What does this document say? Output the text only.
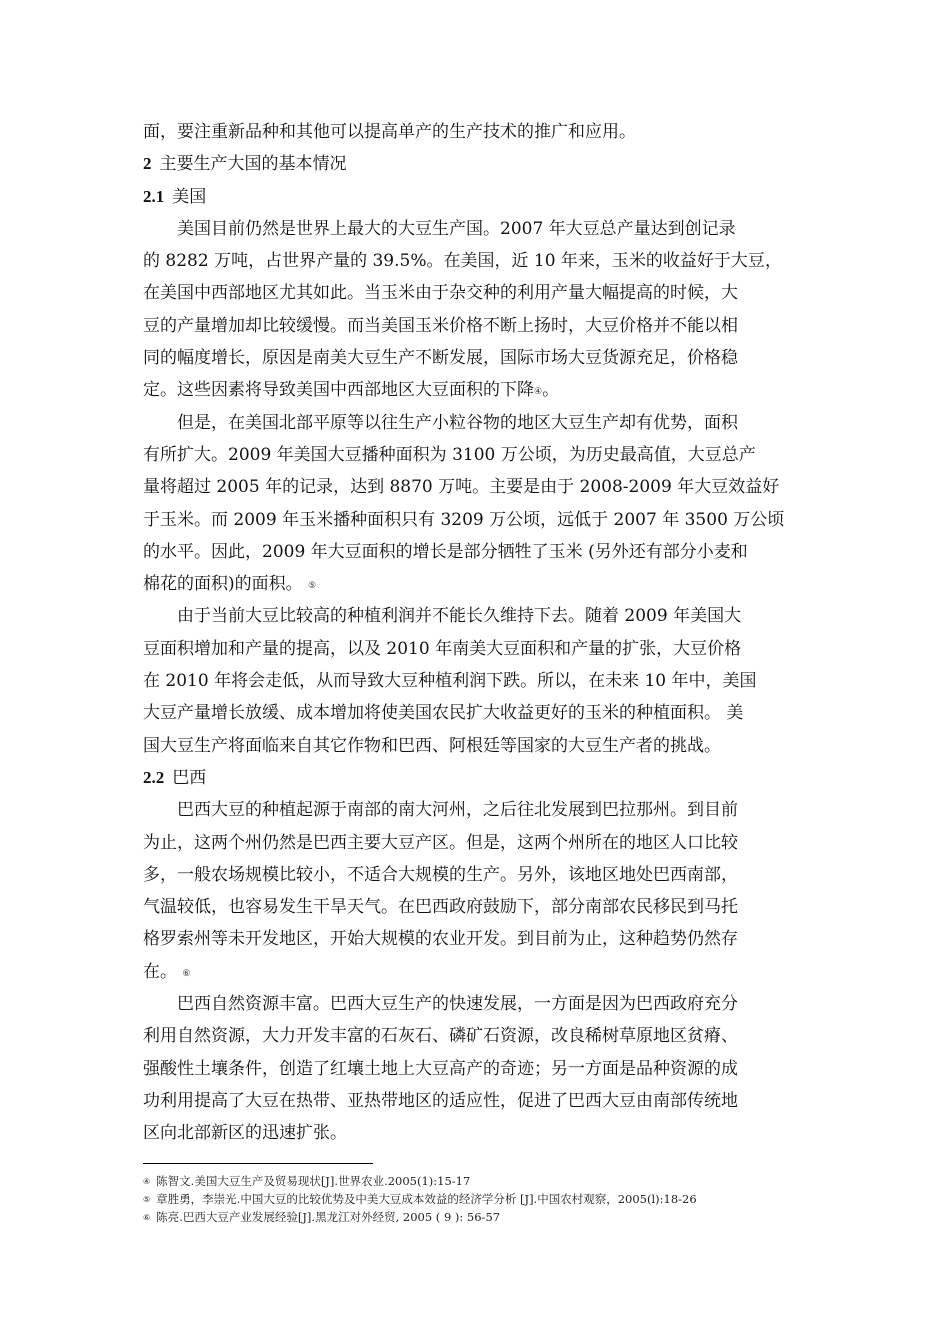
面，要注重新品种和其他可以提高单产的生产技术的推广和应用。
2 主要生产大国的基本情况
2.1 美国
美国目前仍然是世界上最大的大豆生产国。2007 年大豆总产量达到创记录
的 8282 万吨，占世界产量的 39.5%。在美国，近 10 年来，玉米的收益好于大豆，
在美国中西部地区尤其如此。当玉米由于杂交种的利用产量大幅提高的时候，大
豆的产量增加却比较缓慢。而当美国玉米价格不断上扬时，大豆价格并不能以相
同的幅度增长，原因是南美大豆生产不断发展，国际市场大豆货源充足，价格稳
定。这些因素将导致美国中西部地区大豆面积的下降④。
但是，在美国北部平原等以往生产小粒谷物的地区大豆生产却有优势，面积
有所扩大。2009 年美国大豆播种面积为 3100 万公顷，为历史最高值，大豆总产
量将超过 2005 年的记录，达到 8870 万吨。主要是由于 2008-2009 年大豆效益好
于玉米。而 2009 年玉米播种面积只有 3209 万公顷，远低于 2007 年 3500 万公顷
的水平。因此，2009 年大豆面积的增长是部分牺牲了玉米 (另外还有部分小麦和
棉花的面积)的面积。 ⑤
由于当前大豆比较高的种植利润并不能长久维持下去。随着 2009 年美国大
豆面积增加和产量的提高，以及 2010 年南美大豆面积和产量的扩张，大豆价格
在 2010 年将会走低，从而导致大豆种植利润下跌。所以，在未来 10 年中，美国
大豆产量增长放缓、成本增加将使美国农民扩大收益更好的玉米的种植面积。 美
国大豆生产将面临来自其它作物和巴西、阿根廷等国家的大豆生产者的挑战。
2.2 巴西
巴西大豆的种植起源于南部的南大河州，之后往北发展到巴拉那州。到目前
为止，这两个州仍然是巴西主要大豆产区。但是，这两个州所在的地区人口比较
多，一般农场规模比较小，不适合大规模的生产。另外，该地区地处巴西南部，
气温较低，也容易发生干旱天气。在巴西政府鼓励下，部分南部农民移民到马托
格罗索州等未开发地区，开始大规模的农业开发。到目前为止，这种趋势仍然存
在。 ⑥
巴西自然资源丰富。巴西大豆生产的快速发展，一方面是因为巴西政府充分
利用自然资源，大力开发丰富的石灰石、磷矿石资源，改良稀树草原地区贫瘠、
强酸性土壤条件，创造了红壤土地上大豆高产的奇迹；另一方面是品种资源的成
功利用提高了大豆在热带、亚热带地区的适应性，促进了巴西大豆由南部传统地
区向北部新区的迅速扩张。
④ 陈智文.美国大豆生产及贸易现状[J].世界农业.2005(1):15-17
⑤ 章胜勇，李崇光.中国大豆的比较优势及中美大豆成本效益的经济学分析 [J].中国农村观察，2005(l):18-26
⑥ 陈亮.巴西大豆产业发展经验[J].黑龙江对外经贸, 2005 ( 9 ): 56-57
